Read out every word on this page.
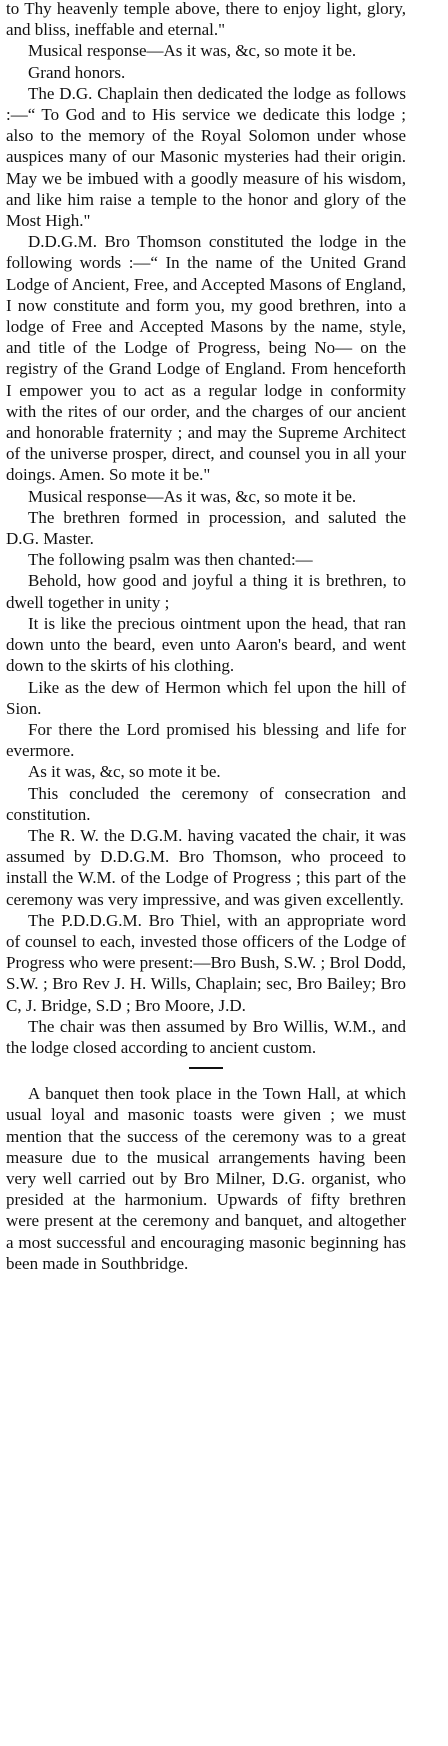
to Thy heavenly temple above, there to enjoy light, glory, and bliss, ineffable and eternal."

Musical response—As it was, &c, so mote it be.

Grand honors.

The D.G. Chaplain then dedicated the lodge as follows :—“ To God and to His service we dedicate this lodge ; also to the memory of the Royal Solomon under whose auspices many of our Masonic mysteries had their origin. May we be imbued with a goodly measure of his wisdom, and like him raise a temple to the honor and glory of the Most High."

D.D.G.M. Bro Thomson constituted the lodge in the following words :—“ In the name of the United Grand Lodge of Ancient, Free, and Accepted Masons of England, I now constitute and form you, my good brethren, into a lodge of Free and Accepted Masons by the name, style, and title of the Lodge of Progress, being No— on the registry of the Grand Lodge of England. From henceforth I empower you to act as a regular lodge in conformity with the rites of our order, and the charges of our ancient and honorable fraternity ; and may the Supreme Architect of the universe prosper, direct, and counsel you in all your doings. Amen. So mote it be."

Musical response—As it was, &c, so mote it be.

The brethren formed in procession, and saluted the D.G. Master.

The following psalm was then chanted:—

Behold, how good and joyful a thing it is brethren, to dwell together in unity ;

It is like the precious ointment upon the head, that ran down unto the beard, even unto Aaron's beard, and went down to the skirts of his clothing.

Like as the dew of Hermon which fel upon the hill of Sion.

For there the Lord promised his blessing and life for evermore.

As it was, &c, so mote it be.

This concluded the ceremony of consecration and constitution.

The R. W. the D.G.M. having vacated the chair, it was assumed by D.D.G.M. Bro Thomson, who proceed to install the W.M. of the Lodge of Progress ; this part of the ceremony was very impressive, and was given excellently.

The P.D.D.G.M. Bro Thiel, with an appropriate word of counsel to each, invested those officers of the Lodge of Progress who were present:—Bro Bush, S.W. ; Brol Dodd, S.W. ; Bro Rev J. H. Wills, Chaplain; sec, Bro Bailey; Bro C, J. Bridge, S.D ; Bro Moore, J.D.

The chair was then assumed by Bro Willis, W.M., and the lodge closed according to ancient custom.

A banquet then took place in the Town Hall, at which usual loyal and masonic toasts were given ; we must mention that the success of the ceremony was to a great measure due to the musical arrangements having been very well carried out by Bro Milner, D.G. organist, who presided at the harmonium. Upwards of fifty brethren were present at the ceremony and banquet, and altogether a most successful and encouraging masonic beginning has been made in Southbridge.
